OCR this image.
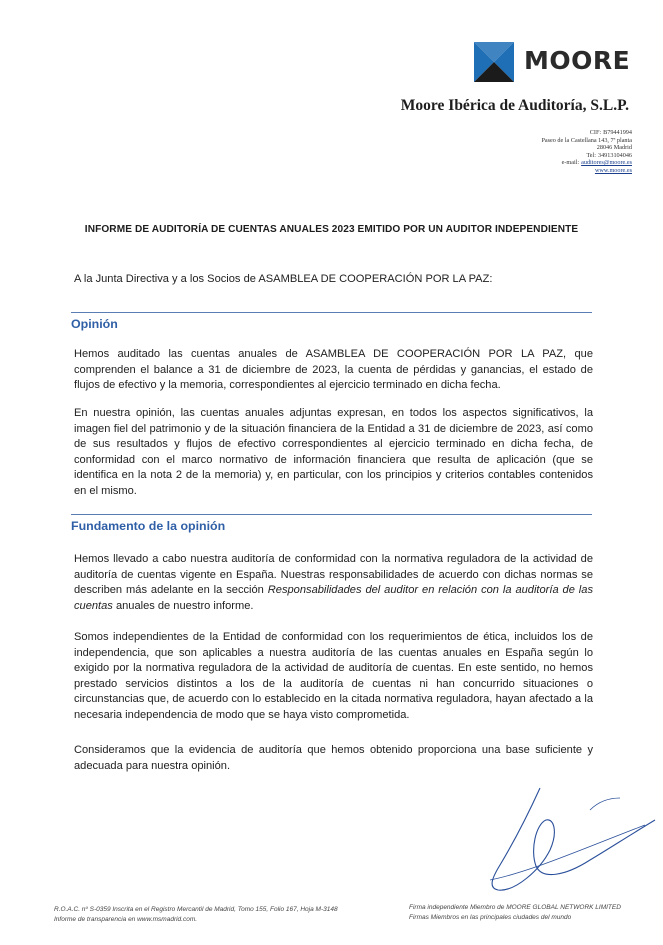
MOORE
Moore Ibérica de Auditoría, S.L.P.
CIF: B79441994
Paseo de la Castellana 143, 7ª planta
28046 Madrid
Tel: 34913104046
e-mail: auditores@moore.es
www.moore.es
INFORME DE AUDITORÍA DE CUENTAS ANUALES 2023 EMITIDO POR UN AUDITOR INDEPENDIENTE
A la Junta Directiva y a los Socios de ASAMBLEA DE COOPERACIÓN POR LA PAZ:
Opinión

Hemos auditado las cuentas anuales de ASAMBLEA DE COOPERACIÓN POR LA PAZ, que comprenden el balance a 31 de diciembre de 2023, la cuenta de pérdidas y ganancias, el estado de flujos de efectivo y la memoria, correspondientes al ejercicio terminado en dicha fecha.

En nuestra opinión, las cuentas anuales adjuntas expresan, en todos los aspectos significativos, la imagen fiel del patrimonio y de la situación financiera de la Entidad a 31 de diciembre de 2023, así como de sus resultados y flujos de efectivo correspondientes al ejercicio terminado en dicha fecha, de conformidad con el marco normativo de información financiera que resulta de aplicación (que se identifica en la nota 2 de la memoria) y, en particular, con los principios y criterios contables contenidos en el mismo.

Fundamento de la opinión

Hemos llevado a cabo nuestra auditoría de conformidad con la normativa reguladora de la actividad de auditoría de cuentas vigente en España. Nuestras responsabilidades de acuerdo con dichas normas se describen más adelante en la sección Responsabilidades del auditor en relación con la auditoría de las cuentas anuales de nuestro informe.

Somos independientes de la Entidad de conformidad con los requerimientos de ética, incluidos los de independencia, que son aplicables a nuestra auditoría de las cuentas anuales en España según lo exigido por la normativa reguladora de la actividad de auditoría de cuentas. En este sentido, no hemos prestado servicios distintos a los de la auditoría de cuentas ni han concurrido situaciones o circunstancias que, de acuerdo con lo establecido en la citada normativa reguladora, hayan afectado a la necesaria independencia de modo que se haya visto comprometida.

Consideramos que la evidencia de auditoría que hemos obtenido proporciona una base suficiente y adecuada para nuestra opinión.

R.O.A.C. nº S-0359 Inscrita en el Registro Mercantil de Madrid, Tomo 155, Folio 167, Hoja M-3148
Informe de transparencia en www.msmadrid.com.
Firma independiente Miembro de MOORE GLOBAL NETWORK LIMITED
Firmas Miembros en las principales ciudades del mundo
